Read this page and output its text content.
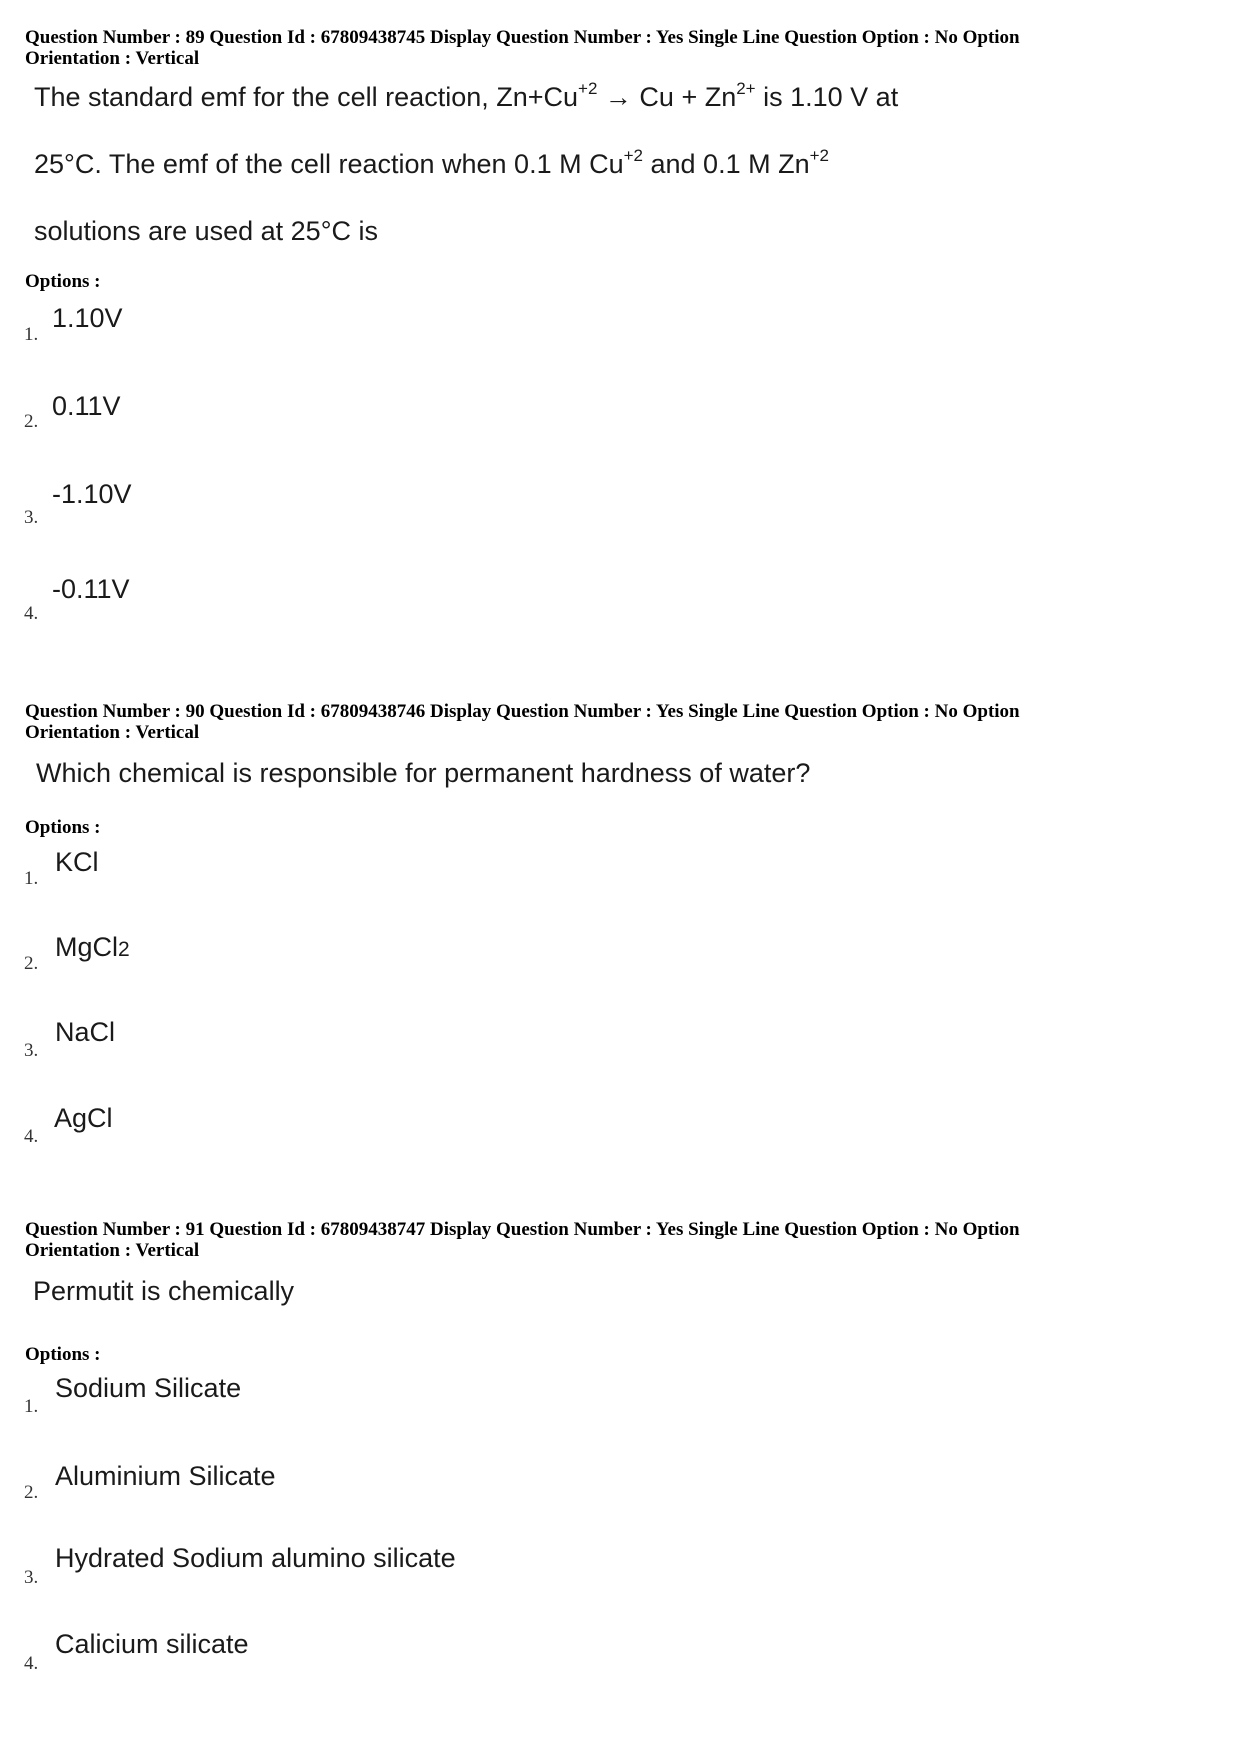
Question Number : 89 Question Id : 67809438745 Display Question Number : Yes Single Line Question Option : No Option
Orientation : Vertical
The standard emf for the cell reaction, $Zn+Cu^{+2} \to Cu + Zn^{2+}$ is 1.10 V at
25°C. The emf of the cell reaction when 0.1 M $Cu^{+2}$ and 0.1 M $Zn^{+2}$
solutions are used at 25°C is
Options :
1.
1.10V
2.
0.11V
3.
-1.10V
4.
-0.11V
Question Number : 90 Question Id : 67809438746 Display Question Number : Yes Single Line Question Option : No Option
Orientation : Vertical
Which chemical is responsible for permanent hardness of water?
Options :
1.
KCl
2.
MgCl2
3.
NaCl
4.
AgCl
Question Number : 91 Question Id : 67809438747 Display Question Number : Yes Single Line Question Option : No Option
Orientation : Vertical
Permutit is chemically
Options :
1.
Sodium Silicate
2.
Aluminium Silicate
3.
Hydrated Sodium alumino silicate
4.
Calicium silicate
